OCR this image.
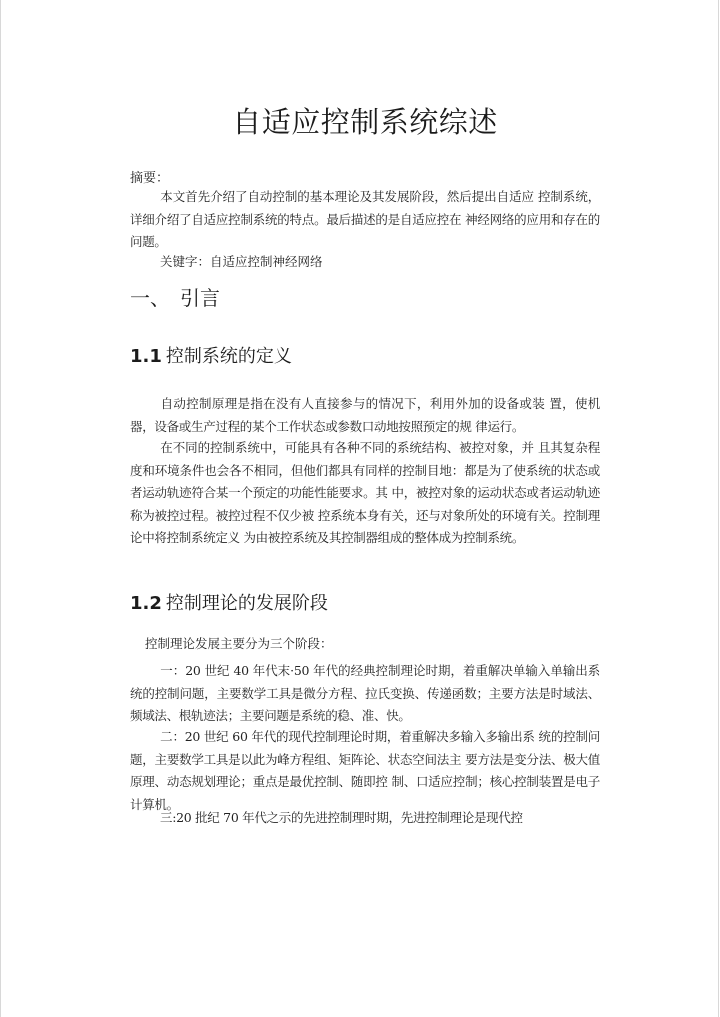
自适应控制系统综述
摘要：

本文首先介绍了自动控制的基本理论及其发展阶段，然后提出自适应 控制系统，详细介绍了自适应控制系统的特点。最后描述的是自适应控在 神经网络的应用和存在的问题。

关键字：自适应控制神经网络
一、 引言
1.1 控制系统的定义

自动控制原理是指在没有人直接参与的情况下，利用外加的设备或装 置，使机器，设备或生产过程的某个工作状态或参数口动地按照预定的规 律运行。

在不同的控制系统中，可能具有各种不同的系统结构、被控对象，并 且其复杂程度和环境条件也会各不相同，但他们都具有同样的控制目地：都是为了使系统的状态或者运动轨迹符合某一个预定的功能性能要求。其 中，被控对象的运动状态或者运动轨迹称为被控过程。被控过程不仅少被 控系统本身有关，还与对象所处的环境有关。控制理论中将控制系统定义 为由被控系统及其控制器组成的整体成为控制系统。

1.2 控制理论的发展阶段
控制理论发展主要分为三个阶段：

一：20 世纪 40 年代末·50 年代的经典控制理论时期，着重解决单输入单输出系统的控制问题，主要数学工具是微分方程、拉氏变换、传递函数；主要方法是时域法、频域法、根轨迹法；主要问题是系统的稳、准、快。

二：20 世纪 60 年代的现代控制理论时期，着重解决多输入多输出系 统的控制问题，主要数学工具是以此为峰方程组、矩阵论、状态空间法主 要方法是变分法、极大值原理、动态规划理论；重点是最优控制、随即控 制、口适应控制；核心控制装置是电子计算机。

三:20 批纪 70 年代之示的先进控制理时期，先进控制理论是现代控
